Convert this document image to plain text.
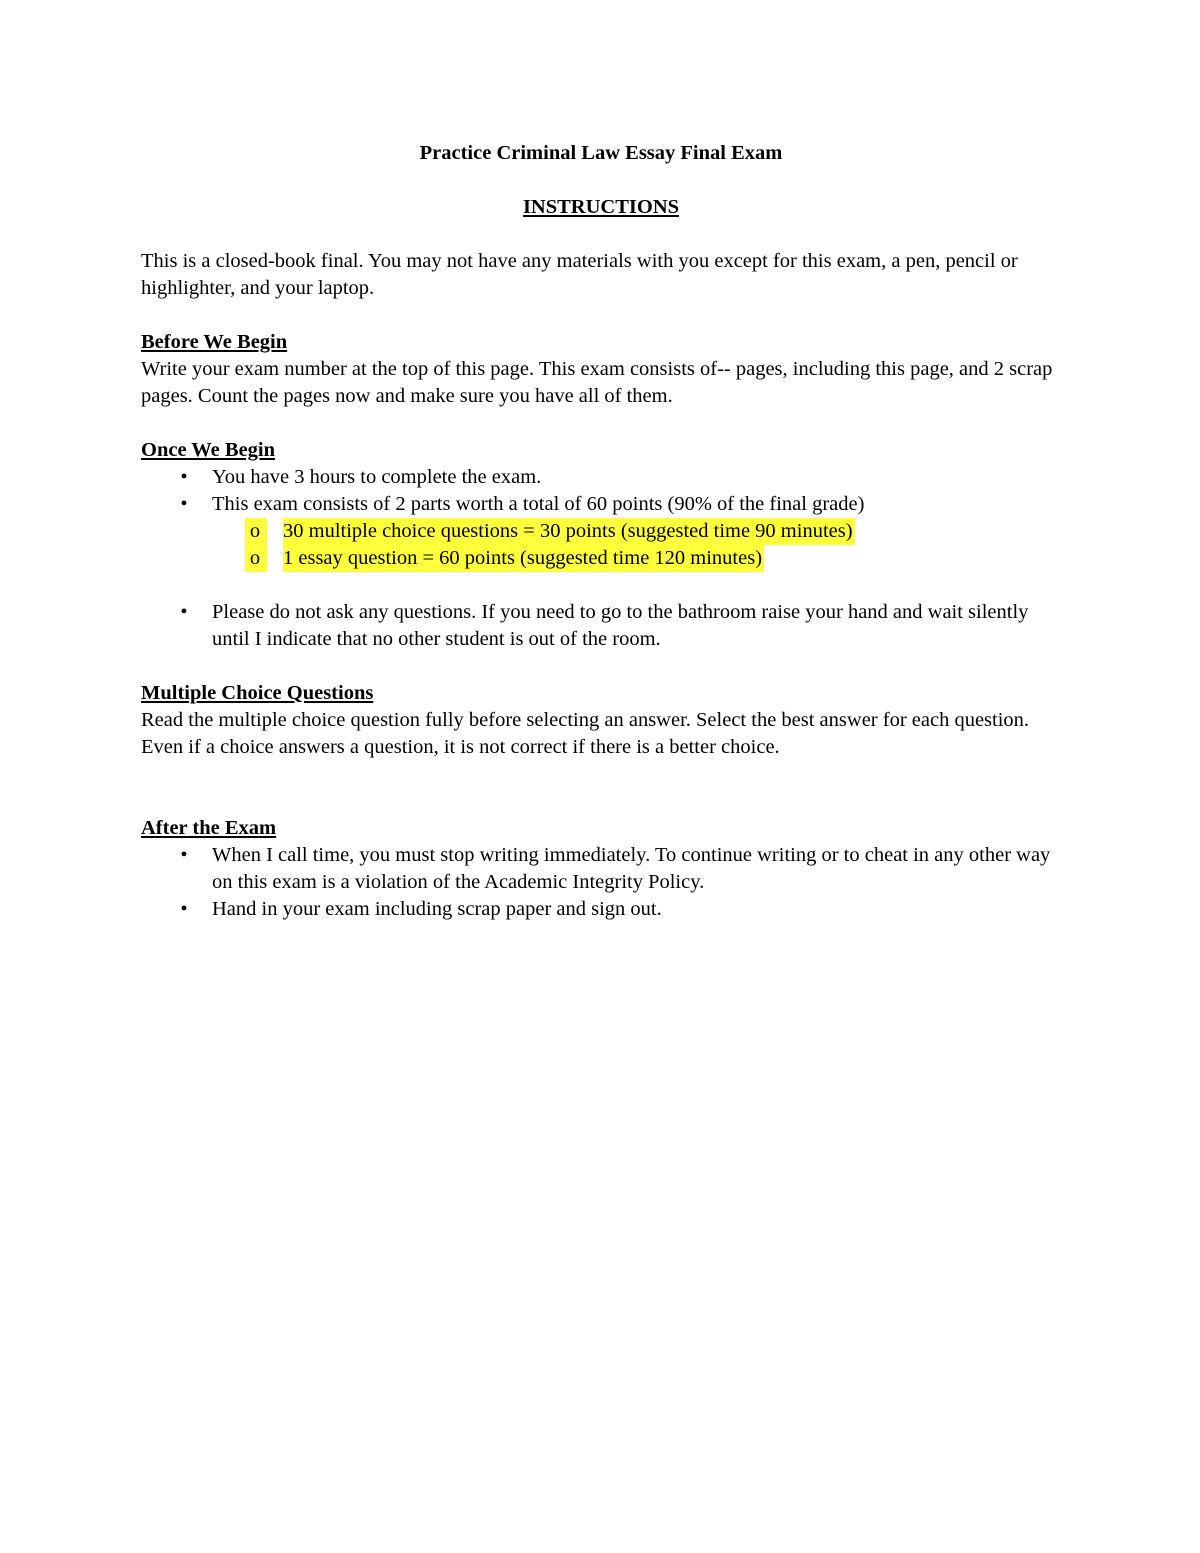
Practice Criminal Law Essay Final Exam

INSTRUCTIONS

This is a closed-book final. You may not have any materials with you except for this exam, a pen, pencil or highlighter, and your laptop.

Before We Begin

Write your exam number at the top of this page. This exam consists of-- pages, including this page, and 2 scrap pages. Count the pages now and make sure you have all of them.

Once We Begin

•	You have 3 hours to complete the exam.
•	This exam consists of 2 parts worth a total of 60 points (90% of the final grade)
o	30 multiple choice questions = 30 points (suggested time 90 minutes)
o	1 essay question = 60 points (suggested time 120 minutes)
•	Please do not ask any questions. If you need to go to the bathroom raise your hand and wait silently until I indicate that no other student is out of the room.

Multiple Choice Questions

Read the multiple choice question fully before selecting an answer. Select the best answer for each question. Even if a choice answers a question, it is not correct if there is a better choice.

After the Exam

•	When I call time, you must stop writing immediately. To continue writing or to cheat in any other way on this exam is a violation of the Academic Integrity Policy.
•	Hand in your exam including scrap paper and sign out.
